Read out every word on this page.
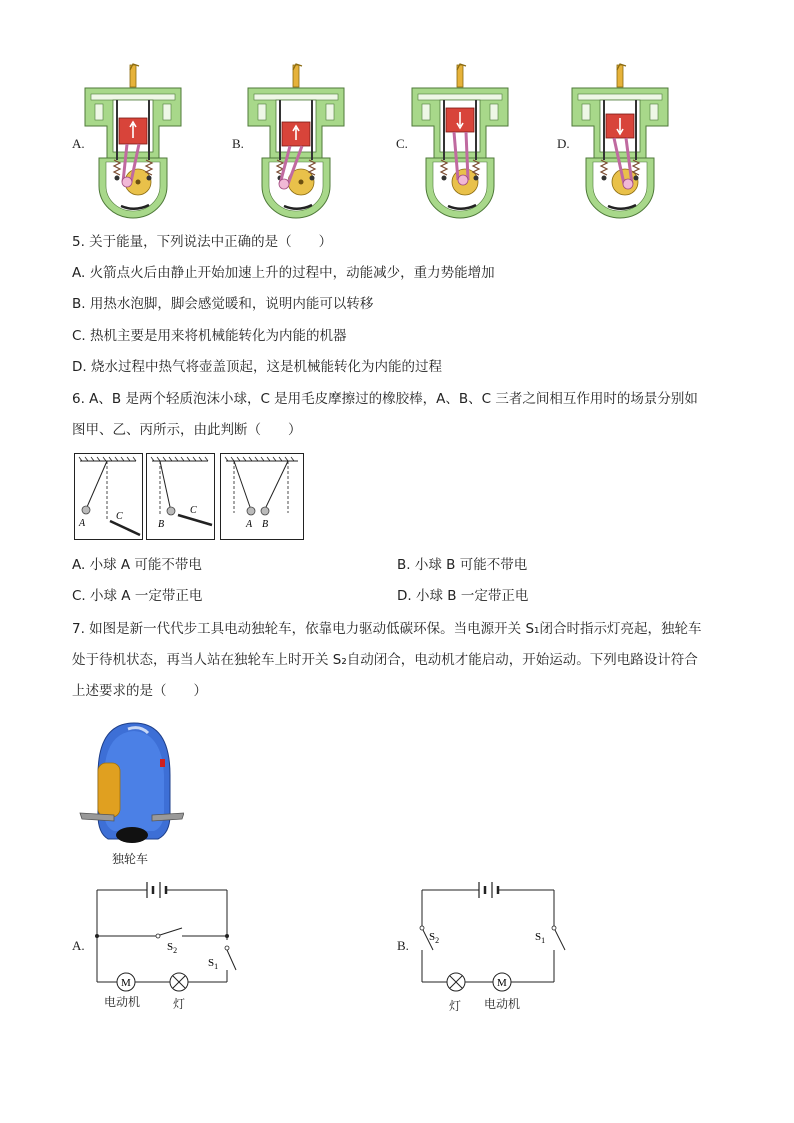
A.	B.	C.	D.
5. 关于能量，下列说法中正确的是（　　）
A. 火箭点火后由静止开始加速上升的过程中，动能减少，重力势能增加
B. 用热水泡脚，脚会感觉暖和，说明内能可以转移
C. 热机主要是用来将机械能转化为内能的机器
D. 烧水过程中热气将壶盖顶起，这是机械能转化为内能的过程
6. A、B 是两个轻质泡沫小球，C 是用毛皮摩擦过的橡胶棒，A、B、C 三者之间相互作用时的场景分别如
图甲、乙、丙所示，由此判断（　　）
A
C
B
C
A B
A. 小球 A 可能不带电	B. 小球 B 可能不带电
C. 小球 A 一定带正电	D. 小球 B 一定带正电
7. 如图是新一代代步工具电动独轮车，依靠电力驱动低碳环保。当电源开关 S₁闭合时指示灯亮起，独轮车
处于待机状态，再当人站在独轮车上时开关 S₂自动闭合，电动机才能启动，开始运动。下列电路设计符合
上述要求的是（　　）
独轮车
A.	B.
$S_2$
$S_1$
M
电动机	灯
$S_2$	$S_1$
M
灯 电动机
